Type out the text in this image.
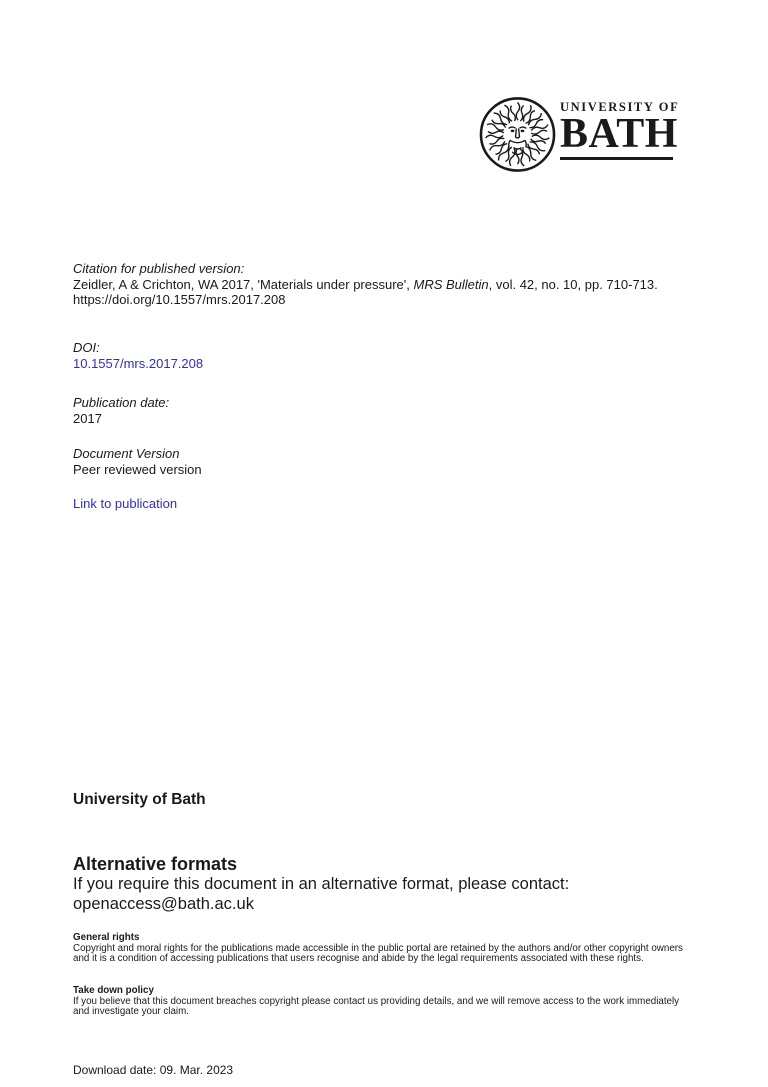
UNIVERSITY OF
BATH
Citation for published version:
Zeidler, A & Crichton, WA 2017, 'Materials under pressure', MRS Bulletin, vol. 42, no. 10, pp. 710-713.
https://doi.org/10.1557/mrs.2017.208
DOI:
10.1557/mrs.2017.208
Publication date:
2017
Document Version
Peer reviewed version
Link to publication
University of Bath
Alternative formats
If you require this document in an alternative format, please contact:
openaccess@bath.ac.uk
General rights
Copyright and moral rights for the publications made accessible in the public portal are retained by the authors and/or other copyright owners
and it is a condition of accessing publications that users recognise and abide by the legal requirements associated with these rights.
Take down policy
If you believe that this document breaches copyright please contact us providing details, and we will remove access to the work immediately
and investigate your claim.
Download date: 09. Mar. 2023
